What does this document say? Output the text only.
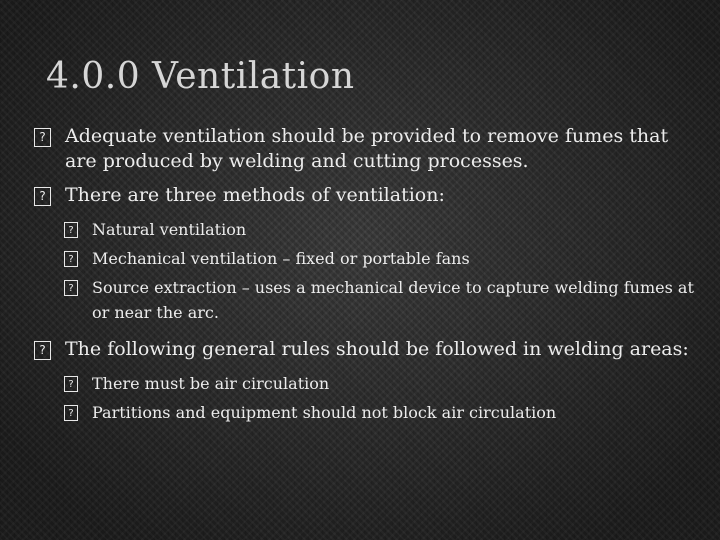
4.0.0 Ventilation
? Adequate ventilation should be provided to remove fumes that are produced by welding and cutting processes.
? There are three methods of ventilation:
? Natural ventilation
? Mechanical ventilation – fixed or portable fans
? Source extraction – uses a mechanical device to capture welding fumes at or near the arc.
? The following general rules should be followed in welding areas:
? There must be air circulation
? Partitions and equipment should not block air circulation
